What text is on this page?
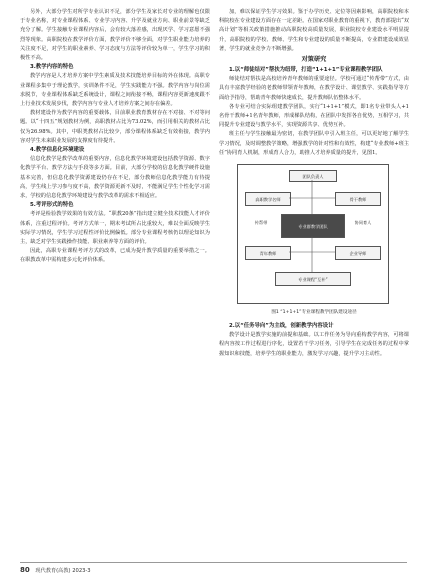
另外，大部分学生对所学专业认识不足，部分学生及家长对专业的理解也仅限于专业名称，对专业课程体系、专业学习内容、升学及就业方向、职业前景等缺乏充分了解。学生接触专业课程内容后，会有较大落差感，出现厌学、学习意愿不强烈等现象。高职院校在教学评价方面，教学评价不够全面，对学生职业能力培养的关注度不足，对学生的职业素养、学习态度与方法等评价较为单一，学生学习的积极性不高。

3.教学内容的特色

教学内容是人才培养方案中学生素质及技术技能培养目标的外在体现。高职专业课程多集中于理论教学，实训条件不足，学生实践能力不强。教学内容与岗位需求脱节，专业课程体系缺乏系统设计，课程之间衔接不畅，课程内容更新速度跟不上行业技术发展步伐，教学内容与专业人才培养方案之间存在偏差。

教材建设作为教学内容的重要载体，目前职业教育教材存在不对接、不对等问题。以“十四五”规划教材为例，高职教材占比为73.02%，而引用相关的教材占比仅为26.98%。其中，中职类教材占比较少，部分课程体系缺乏有效衔接，教学内容对学生未来职业发展的支撑度有待提升。

4.教学信息化环境建设

信息化教学是教学改革的重要内容，信息化教学环境建设包括教学资源、数字化教学平台、教学方法与手段等多方面。目前，大部分学校的信息化教学硬件设施基本完善，但信息化教学资源建设仍存在不足，部分教师信息化教学能力有待提高，学生线上学习参与度不高，教学资源更新不及时，不能满足学生个性化学习需求，学校的信息化教学环境建设与教学改革的需求不相适应。

5.考评形式的特色

考评是检验教学效果的有效方法。“职教20条”指出建立健全技术技能人才评价体系，注重过程评价。考评方式单一，期末考试所占比重较大，难以全面反映学生实际学习情况，学生学习过程性评价比例偏低。部分专业课程考核仍以理论知识为主，缺乏对学生实践操作技能、职业素养等方面的评价。

因此，高职专业课程考评方式的改革，已成为提升教学质量的重要举措之一。在职教改革中需构建多元化评价体系。

加，难以保证学生学习效果。鉴于办学历史、定位等因素影响，高职院校和本科院校在专业建设方面存在一定差距。在国家对职业教育的重视下，教育部提出“双高计划”等相关政策措施推动高职院校高质量发展，职业院校专业建设水平明显提升，高职院校的学校、教师、学生和专业建设的质量不断提高，专业群建设成效显著，学生的就业竞争力不断增强。

对策研究
1.以“师徒结对”帮扶为纽带，打造“1+1+1”专业课程教学团队

师徒结对帮扶是高校培养青年教师的重要途径。学校可通过“传帮带”方式，由具有丰富教学经验的老教师带领青年教师，在教学设计、课堂教学、实践指导等方面给予指导，帮助青年教师快速成长，提升教师队伍整体水平。

各专业可结合实际组建教学团队，实行“1+1+1”模式，即1名专业带头人+1名骨干教师+1名青年教师，形成梯队结构，在团队中发挥各自优势，互相学习，共同提升专业建设与教学水平，实现资源共享、优势互补。

班主任与学生接触最为密切，在教学团队中引入班主任，可以更好地了解学生学习情况，及时调整教学策略，增强教学的针对性和有效性，构建“专业教师+班主任”协同育人机制，形成育人合力，助推人才培养质量的提升，见图1。

团队负责人
高职教学名师	骨干教师
专业群教学团队
青年教师	企业导师
专业课程“互补”
传帮带	协同育人
图1 “1+1+1”专业课程教学团队建设途径
2.以“任务导向”为主线，创新教学内容设计

教学设计是教学实施的前提和基础。以工作任务为导向重构教学内容，可将课程内容按工作过程进行序化，设置若干学习任务，引导学生在完成任务的过程中掌握知识和技能，培养学生的职业能力，激发学习兴趣，提升学习主动性。

80 现代教育(高教) 2023-3
